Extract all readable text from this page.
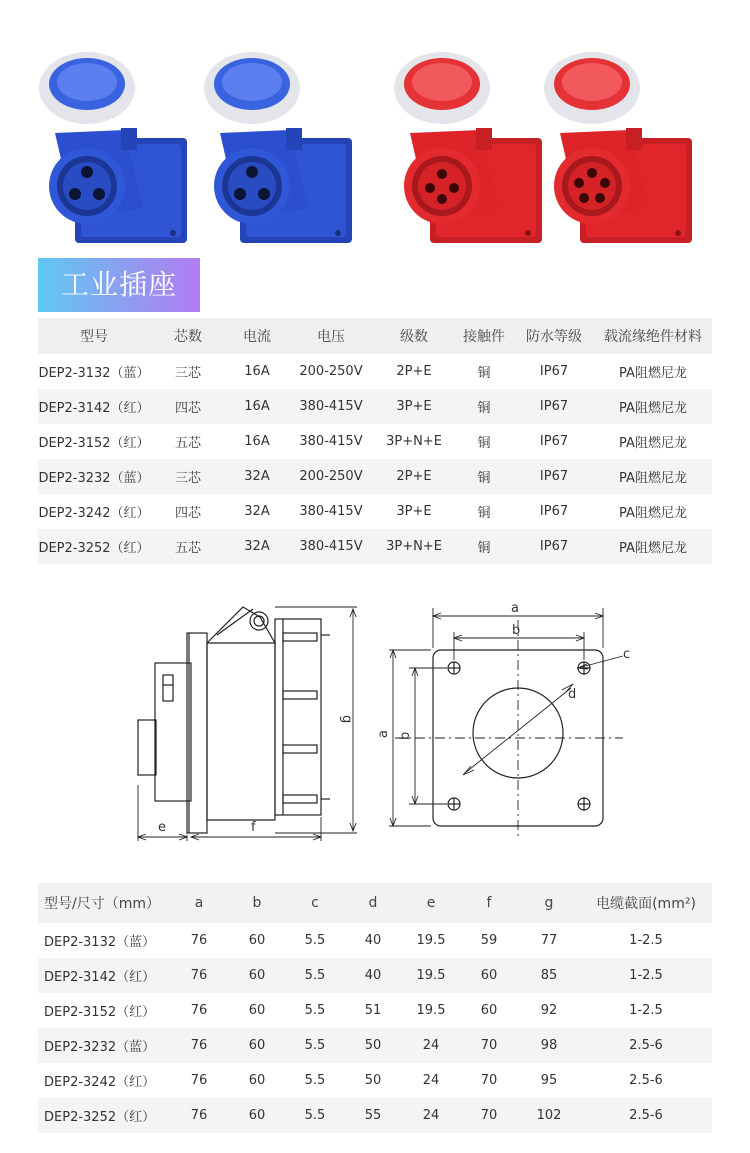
工业插座
型号	芯数	电流	电压	级数	接触件	防水等级	载流缘绝件材料
DEP2-3132（蓝）	三芯	16A	200-250V	2P+E	铜	IP67	PA阻燃尼龙
DEP2-3142（红）	四芯	16A	380-415V	3P+E	铜	IP67	PA阻燃尼龙
DEP2-3152（红）	五芯	16A	380-415V	3P+N+E	铜	IP67	PA阻燃尼龙
DEP2-3232（蓝）	三芯	32A	200-250V	2P+E	铜	IP67	PA阻燃尼龙
DEP2-3242（红）	四芯	32A	380-415V	3P+E	铜	IP67	PA阻燃尼龙
DEP2-3252（红）	五芯	32A	380-415V	3P+N+E	铜	IP67	PA阻燃尼龙
g
e	f
a
b
c
d
a b
型号/尺寸（mm）	a	b	c	d	e	f	g	电缆截面(mm²)
DEP2-3132（蓝）	76	60	5.5	40	19.5	59	77	1-2.5
DEP2-3142（红）	76	60	5.5	40	19.5	60	85	1-2.5
DEP2-3152（红）	76	60	5.5	51	19.5	60	92	1-2.5
DEP2-3232（蓝）	76	60	5.5	50	24	70	98	2.5-6
DEP2-3242（红）	76	60	5.5	50	24	70	95	2.5-6
DEP2-3252（红）	76	60	5.5	55	24	70	102	2.5-6
